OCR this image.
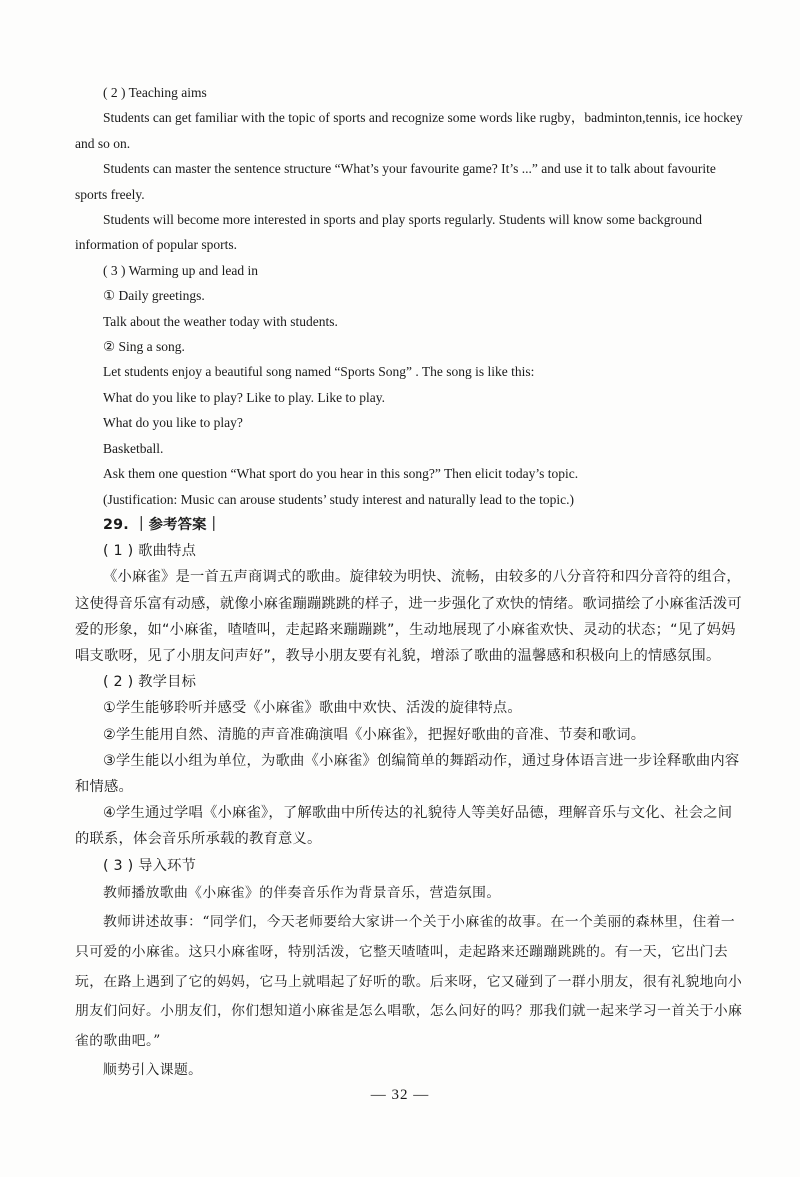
( 2 ) Teaching aims

Students can get familiar with the topic of sports and recognize some words like rugby，badminton,tennis, ice hockey and so on.

Students can master the sentence structure “What’s your favourite game? It’s ...” and use it to talk about favourite sports freely.

Students will become more interested in sports and play sports regularly. Students will know some background information of popular sports.

( 3 ) Warming up and lead in

① Daily greetings.

Talk about the weather today with students.

② Sing a song.

Let students enjoy a beautiful song named “Sports Song” . The song is like this:

What do you like to play? Like to play. Like to play.

What do you like to play?

Basketball.

Ask them one question “What sport do you hear in this song?” Then elicit today’s topic.

(Justification: Music can arouse students’ study interest and naturally lead to the topic.)

29. ｜参考答案｜

( 1 ) 歌曲特点

《小麻雀》是一首五声商调式的歌曲。旋律较为明快、流畅，由较多的八分音符和四分音符的组合，这使得音乐富有动感，就像小麻雀蹦蹦跳跳的样子，进一步强化了欢快的情绪。歌词描绘了小麻雀活泼可爱的形象，如“小麻雀，喳喳叫，走起路来蹦蹦跳”，生动地展现了小麻雀欢快、灵动的状态；“见了妈妈唱支歌呀，见了小朋友问声好”，教导小朋友要有礼貌，增添了歌曲的温馨感和积极向上的情感氛围。

( 2 ) 教学目标

①学生能够聆听并感受《小麻雀》歌曲中欢快、活泼的旋律特点。

②学生能用自然、清脆的声音准确演唱《小麻雀》，把握好歌曲的音准、节奏和歌词。

③学生能以小组为单位，为歌曲《小麻雀》创编简单的舞蹈动作，通过身体语言进一步诠释歌曲内容和情感。

④学生通过学唱《小麻雀》，了解歌曲中所传达的礼貌待人等美好品德，理解音乐与文化、社会之间的联系，体会音乐所承载的教育意义。

( 3 ) 导入环节

教师播放歌曲《小麻雀》的伴奏音乐作为背景音乐，营造氛围。

教师讲述故事：“同学们，今天老师要给大家讲一个关于小麻雀的故事。在一个美丽的森林里，住着一只可爱的小麻雀。这只小麻雀呀，特别活泼，它整天喳喳叫，走起路来还蹦蹦跳跳的。有一天，它出门去玩，在路上遇到了它的妈妈，它马上就唱起了好听的歌。后来呀，它又碰到了一群小朋友，很有礼貌地向小朋友们问好。小朋友们，你们想知道小麻雀是怎么唱歌，怎么问好的吗？那我们就一起来学习一首关于小麻雀的歌曲吧。”

顺势引入课题。

— 32 —
